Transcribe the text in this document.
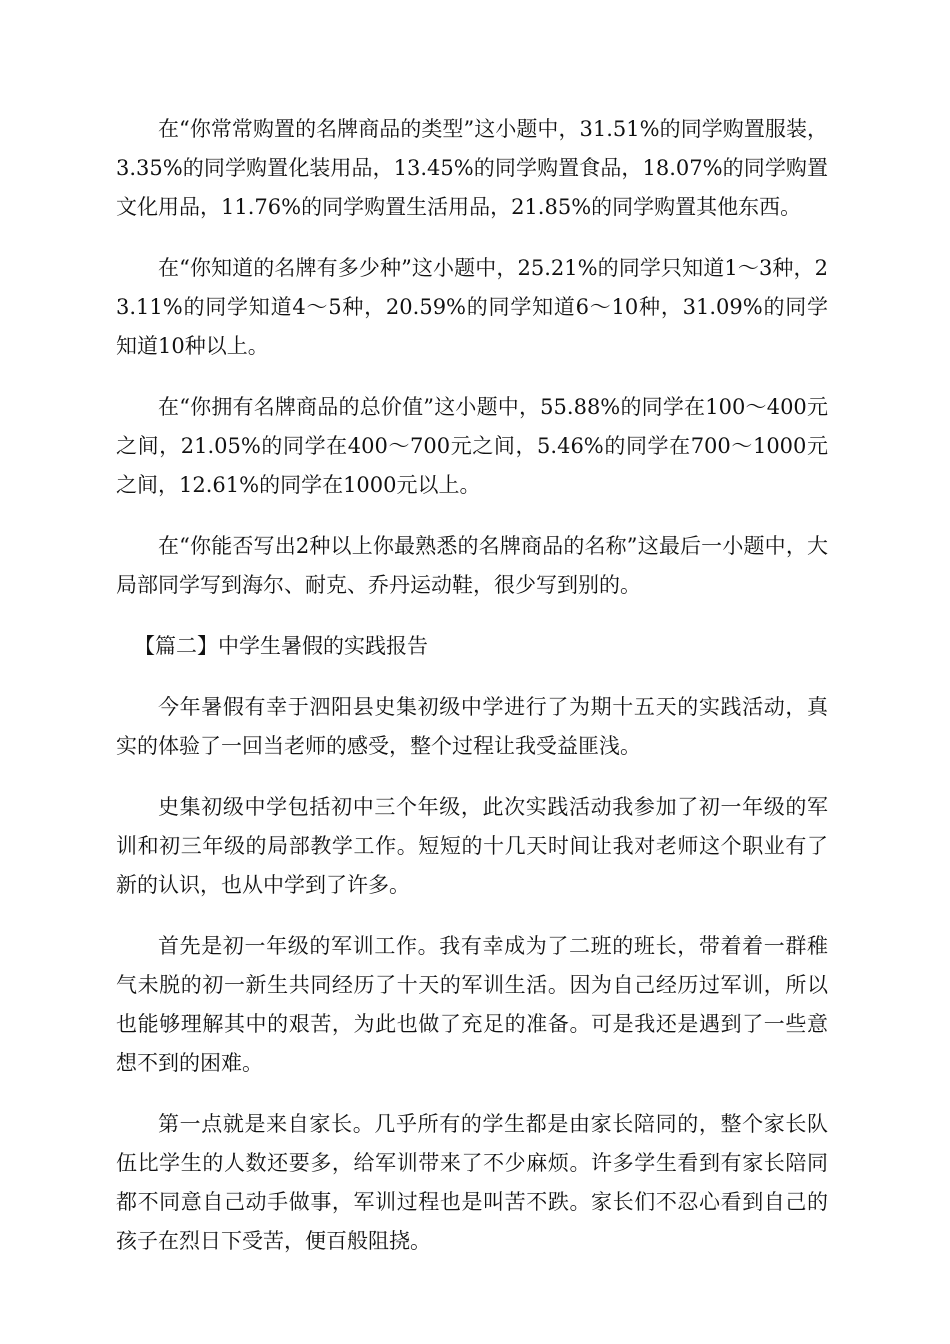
在“你常常购置的名牌商品的类型”这小题中，31.51%的同学购置服装，3.35%的同学购置化装用品，13.45%的同学购置食品，18.07%的同学购置文化用品，11.76%的同学购置生活用品，21.85%的同学购置其他东西。

在“你知道的名牌有多少种”这小题中，25.21%的同学只知道1～3种，23.11%的同学知道4～5种，20.59%的同学知道6～10种，31.09%的同学知道10种以上。

在“你拥有名牌商品的总价值”这小题中，55.88%的同学在100～400元之间，21.05%的同学在400～700元之间，5.46%的同学在700～1000元之间，12.61%的同学在1000元以上。

在“你能否写出2种以上你最熟悉的名牌商品的名称”这最后一小题中，大局部同学写到海尔、耐克、乔丹运动鞋，很少写到别的。

【篇二】中学生暑假的实践报告

今年暑假有幸于泗阳县史集初级中学进行了为期十五天的实践活动，真实的体验了一回当老师的感受，整个过程让我受益匪浅。

史集初级中学包括初中三个年级，此次实践活动我参加了初一年级的军训和初三年级的局部教学工作。短短的十几天时间让我对老师这个职业有了新的认识，也从中学到了许多。

首先是初一年级的军训工作。我有幸成为了二班的班长，带着着一群稚气未脱的初一新生共同经历了十天的军训生活。因为自己经历过军训，所以也能够理解其中的艰苦，为此也做了充足的准备。可是我还是遇到了一些意想不到的困难。

第一点就是来自家长。几乎所有的学生都是由家长陪同的，整个家长队伍比学生的人数还要多，给军训带来了不少麻烦。许多学生看到有家长陪同都不同意自己动手做事，军训过程也是叫苦不跌。家长们不忍心看到自己的孩子在烈日下受苦，便百般阻挠。
